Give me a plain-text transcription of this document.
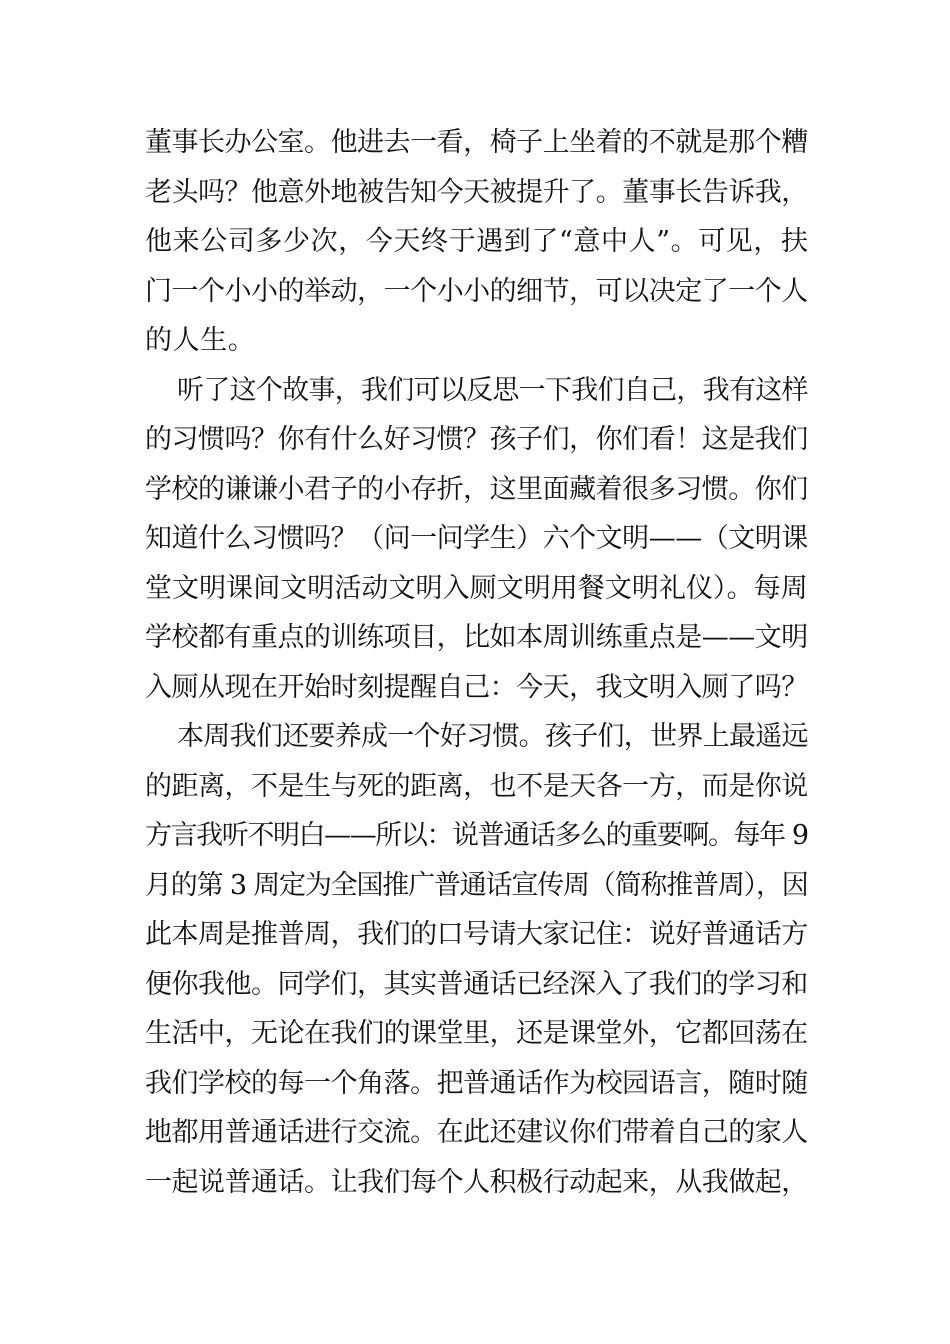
董事长办公室。他进去一看，椅子上坐着的不就是那个糟
老头吗？他意外地被告知今天被提升了。董事长告诉我，
他来公司多少次，今天终于遇到了“意中人”。可见，扶
门一个小小的举动，一个小小的细节，可以决定了一个人
的人生。
听了这个故事，我们可以反思一下我们自己，我有这样
的习惯吗？你有什么好习惯？孩子们，你们看！这是我们
学校的谦谦小君子的小存折，这里面藏着很多习惯。你们
知道什么习惯吗？（问一问学生）六个文明——（文明课
堂文明课间文明活动文明入厕文明用餐文明礼仪）。每周
学校都有重点的训练项目，比如本周训练重点是——文明
入厕从现在开始时刻提醒自己：今天，我文明入厕了吗？
本周我们还要养成一个好习惯。孩子们，世界上最遥远
的距离，不是生与死的距离，也不是天各一方，而是你说
方言我听不明白——所以：说普通话多么的重要啊。每年 9
月的第 3 周定为全国推广普通话宣传周（简称推普周），因
此本周是推普周，我们的口号请大家记住：说好普通话方
便你我他。同学们，其实普通话已经深入了我们的学习和
生活中，无论在我们的课堂里，还是课堂外，它都回荡在
我们学校的每一个角落。把普通话作为校园语言，随时随
地都用普通话进行交流。在此还建议你们带着自己的家人
一起说普通话。让我们每个人积极行动起来，从我做起，
